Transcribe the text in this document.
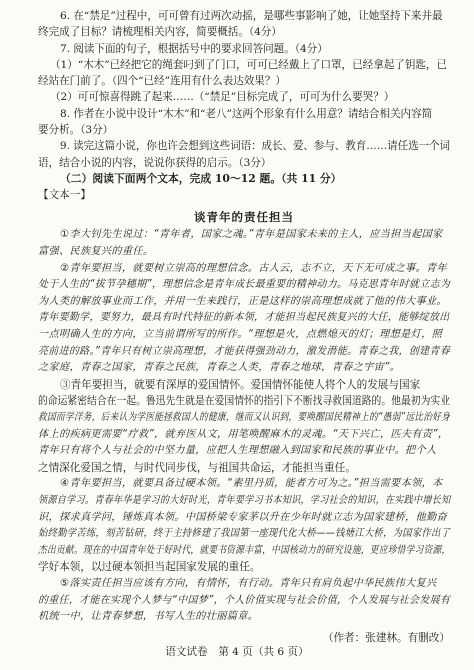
6. 在“禁足”过程中，可可曾有过两次动摇，是哪些事影响了她，让她坚持下来并最
终完成了目标？请梳理相关内容，简要概括。（4分）
7. 阅读下面的句子，根据括号中的要求回答问题。（4分）
（1）“木木”已经把它的绳套叼到了门口，可可已经戴上了口罩，已经拿起了钥匙，已
经站在门前了。（四个“已经”连用有什么表达效果？）
（2）可可惊喜得跳了起来……（“禁足”目标完成了，可可为什么要哭？）
8. 作者在小说中设计“木木”和“老八”这两个形象有什么用意？请结合相关内容简
要分析。（3分）
9. 读完这篇小说，你也许会想到这些词语：成长、爱、参与、教育……请任选一个词
语，结合小说的内容，说说你获得的启示。（3分）
（二）阅读下面两个文本，完成 10～12 题。（共 11 分）
【文本一】
谈青年的责任担当
①李大钊先生说过：“青年者，国家之魂。”青年是国家未来的主人，应当担当起国家
富强、民族复兴的重任。
②青年要担当，就要树立崇高的理想信念。古人云，志不立，天下无可成之事。青年
处于人生的“拔节孕穗期”，理想信念是青年成长最重要的精神动力。马克思青年时就立志为
为人类的解放事业而工作，并用一生来践行，正是这样的崇高理想成就了他的伟大事业。
青年要勤学，要努力，最具有时代特征的新本领，才能担当起民族复兴的大任，能够绽放出
一点明确人生的方向，立当前谓所写的所作。“理想是火，点燃熄灭的灯；理想是灯，照
亮前进的路。”青年只有树立崇高理想，才能获得强劲动力，激发潜能。青春之我，创建青春
之家庭，青春之国家，青春之民族，青春之人类，青春之地球，青春之宇宙”。
③青年要担当，就要有深厚的爱国情怀。爱国情怀能使人将个人的发展与国家
的命运紧密结合在一起。鲁迅先生就是在爱国情怀的指引下不断找寻救国道路的。他最初为实业
救国而学洋务，后来认为学医能拯救国人的健康，继而又认识到，要唤醒国民精神上的“愚弱”远比治好身
体上的疾病更需要“疗救”，就弃医从文，用笔唤醒麻木的灵魂。“天下兴亡，匹夫有责”，
青年只有将个人与社会的中坚力量，应把人生理想融入到国家和民族的事业中。把个人
之情深化爱国之情，与时代同步伐，与祖国共命运，才能担当重任。
④青年要担当，就要具备过硬本领。“素里丹质，能者方可为之。”担当需要本领，本
领源自学习。青春年华是学习的大好时光，青年要学习书本知识，学习社会的知识，在实践中增长知
识，探求真学问，锤炼真本领。中国桥梁专家茅以升在少年时就立志为国家建桥，他勤奋
始终勤学苦练，刻苦钻研，终于主持修建了我国第一座现代化大桥——钱塘江大桥，为国家作出了
杰出贡献。现在的中国青年处于好时代，就要书资源丰富，中国核动力的研究设施，更应珍惜学习资源，
学好本领，以过硬本领担当起国家发展的重任。
⑤落实责任担当应该有方向，有情怀，有行动。青年只有肩负起中华民族伟大复兴
的重任，才能在实现个人梦与“中国梦”，个人价值实现与社会价值，个人发展与社会发展有
机统一中，让青春梦想，书写人生的壮丽篇章。
（作者：张建林。有删改）
语文试卷　第 4 页（共 6 页）
